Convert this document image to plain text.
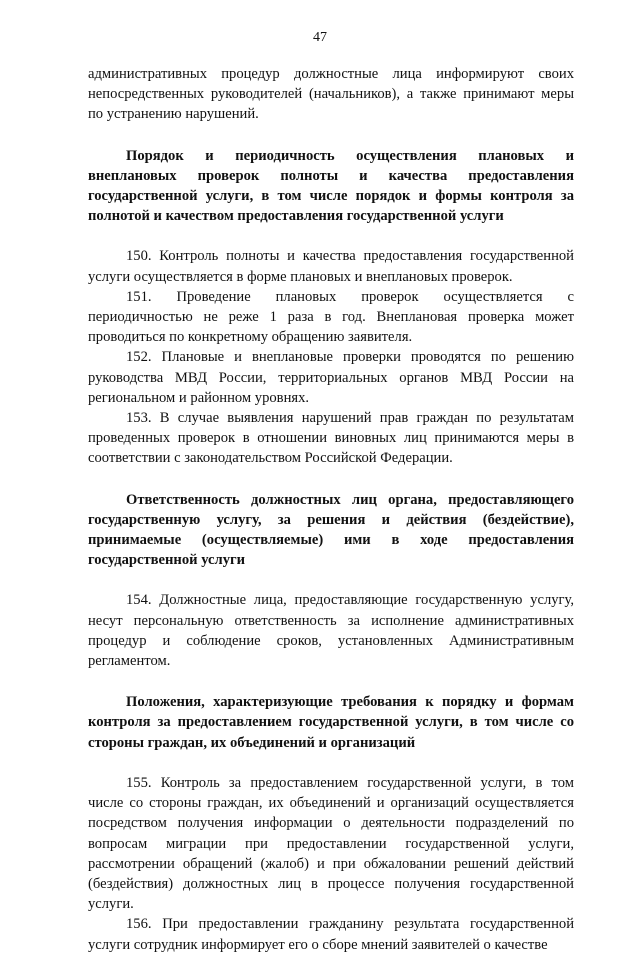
47

административных процедур должностные лица информируют своих непосредственных руководителей (начальников), а также принимают меры по устранению нарушений.

Порядок и периодичность осуществления плановых и внеплановых проверок полноты и качества предоставления государственной услуги, в том числе порядок и формы контроля за полнотой и качеством предоставления государственной услуги

150. Контроль полноты и качества предоставления государственной услуги осуществляется в форме плановых и внеплановых проверок.

151. Проведение плановых проверок осуществляется с периодичностью не реже 1 раза в год. Внеплановая проверка может проводиться по конкретному обращению заявителя.

152. Плановые и внеплановые проверки проводятся по решению руководства МВД России, территориальных органов МВД России на региональном и районном уровнях.

153. В случае выявления нарушений прав граждан по результатам проведенных проверок в отношении виновных лиц принимаются меры в соответствии с законодательством Российской Федерации.

Ответственность должностных лиц органа, предоставляющего государственную услугу, за решения и действия (бездействие), принимаемые (осуществляемые) ими в ходе предоставления государственной услуги

154. Должностные лица, предоставляющие государственную услугу, несут персональную ответственность за исполнение административных процедур и соблюдение сроков, установленных Административным регламентом.

Положения, характеризующие требования к порядку и формам контроля за предоставлением государственной услуги, в том числе со стороны граждан, их объединений и организаций

155. Контроль за предоставлением государственной услуги, в том числе со стороны граждан, их объединений и организаций осуществляется посредством получения информации о деятельности подразделений по вопросам миграции при предоставлении государственной услуги, рассмотрении обращений (жалоб) и при обжаловании решений действий (бездействия) должностных лиц в процессе получения государственной услуги.

156. При предоставлении гражданину результата государственной услуги сотрудник информирует его о сборе мнений заявителей о качестве
